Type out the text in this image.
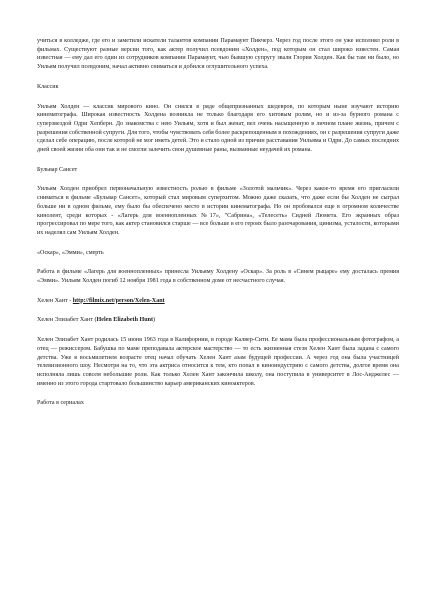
учиться в колледже, где его и заметили искатели талантов компании Парамаунт Пикчерз. Через год после этого он уже исполнял роли в фильмах. Существуют разные версии того, как актер получил псевдоним «Холден», под которым он стал широко известен. Самая известная — ему дал его один из сотрудников компании Парамаунт, чью бывшую супругу звали Глория Холден. Как бы там ни было, но Уильям получил псевдоним, начал активно сниматься и добился оглушительного успеха.

Классик

Уильям Холден — классик мирового кино. Он снялся в ряде общепризнанных шедевров, по которым ныне изучают историю кинематографа. Широкая известность Холдена возникла не только благодаря его хитовым ролям, но и из-за бурного романа с суперзвездой Одри Хепберн. До знакомства с нею Уильям, хотя и был женат, вел очень насыщенную в личном плане жизнь, причем с разрешения собственной супруги. Для того, чтобы чувствовать себя более раскрепощенным в похождениях, он с разрешения супруги даже сделал себе операцию, после которой не мог иметь детей. Это и стало одной из причин расставания Уильяма и Одри. До самых последних дней своей жизни оба они так и не смогли залечить свои душевные раны, вызванные неудачей их романа.

Бульвар Сансет

Уильям Холден приобрел первоначальную известность ролью в фильме «Золотой мальчик». Через какое-то время его пригласили сниматься в фильме «Бульвар Сансет», который стал мировым суперхитом. Можно даже сказать, что даже если бы Холден не сыграл больше ни в одном фильме, ему было бы обеспечено место в истории кинематографа. Но он пробовался еще в огромном количестве кинолент, среди которых - «Лагерь для военнопленных №17», "Сабрина», «Телесеть» Сидней Люмета. Его экранных образ прогрессировал по мере того, как актер становился старше — все больше в его героях было разочарования, цинизма, усталости, которыми их наделял сам Уильям Холден.

«Оскар», «Эмми», смерть

Работа в фильме «Лагерь для военнопленных» принесла Уильяму Холдену «Оскар». За роль в «Синем рыцаре» ему досталась премия «Эмми». Уильям Холден погиб 12 ноября 1981 года в собственном доме от несчастного случая.

Хелен Хант - http://filmix.net/person/Xelen-Xant

Хелен Элизабет Хант (Helen Elizabeth Hunt)

Хелен Элизабет Хант родилась 15 июня 1963 года в Калифорнии, в городе Калвер-Сити. Ее мама была профессиональным фотографом, а отец — режиссером. Бабушка по маме преподавала актерское мастерство — то есть жизненная стезя Хелен Хант была задана с самого детства. Уже в восьмилетнем возрасте отец начал обучать Хелен Хант азам будущей профессии. А через год она была участницей телевизионного шоу. Несмотря на то, что эта актриса относится к тем, кто попал в киноиндустрию с самого детства, долгое время она исполняла лишь совсем небольшие роли. Как только Хелен Хант закончила школу, она поступила в университет в Лос-Анджелес — именно из этого города стартовало большинство карьер американских киноактеров.

Работа в сериалах
